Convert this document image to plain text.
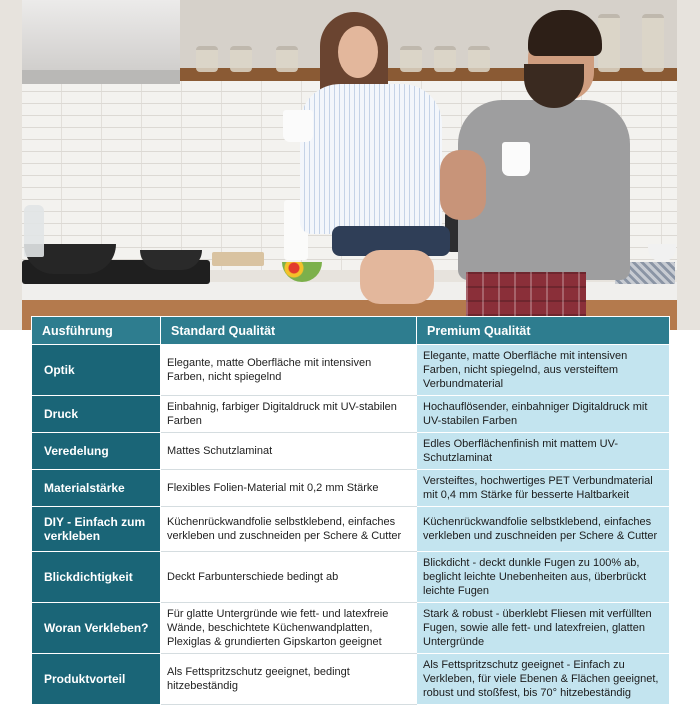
Ausführung	Standard Qualität	Premium Qualität
Optik	Elegante, matte Oberfläche mit intensiven Farben, nicht spiegelnd	Elegante, matte Oberfläche mit intensiven Farben, nicht spiegelnd, aus versteiftem Verbundmaterial
Druck	Einbahnig, farbiger Digitaldruck mit UV-stabilen Farben	Hochauflösender, einbahniger Digitaldruck mit UV-stabilen Farben
Veredelung	Mattes Schutzlaminat	Edles Oberflächenfinish mit mattem UV-Schutzlaminat
Materialstärke	Flexibles Folien-Material mit 0,2 mm Stärke	Versteiftes, hochwertiges PET Verbundmaterial mit 0,4 mm Stärke für besserte Haltbarkeit
DIY - Einfach zum verkleben	Küchenrückwandfolie selbstklebend, einfaches verkleben und zuschneiden per Schere & Cutter	Küchenrückwandfolie selbstklebend, einfaches verkleben und zuschneiden per Schere & Cutter
Blickdichtigkeit	Deckt Farbunterschiede bedingt ab	Blickdicht - deckt dunkle Fugen zu 100% ab, beglicht leichte Unebenheiten aus, überbrückt leichte Fugen
Woran Verkleben?	Für glatte Untergründe wie fett- und latexfreie Wände, beschichtete Küchenwandplatten, Plexiglas & grundierten Gipskarton geeignet	Stark & robust - überklebt Fliesen mit verfüllten Fugen, sowie alle fett- und latexfreien, glatten Untergründe
Produktvorteil	Als Fettspritzschutz geeignet, bedingt hitzebeständig	Als Fettspritzschutz geeignet - Einfach zu Verkleben, für viele Ebenen & Flächen geeignet, robust und stoßfest, bis 70° hitzebeständig
